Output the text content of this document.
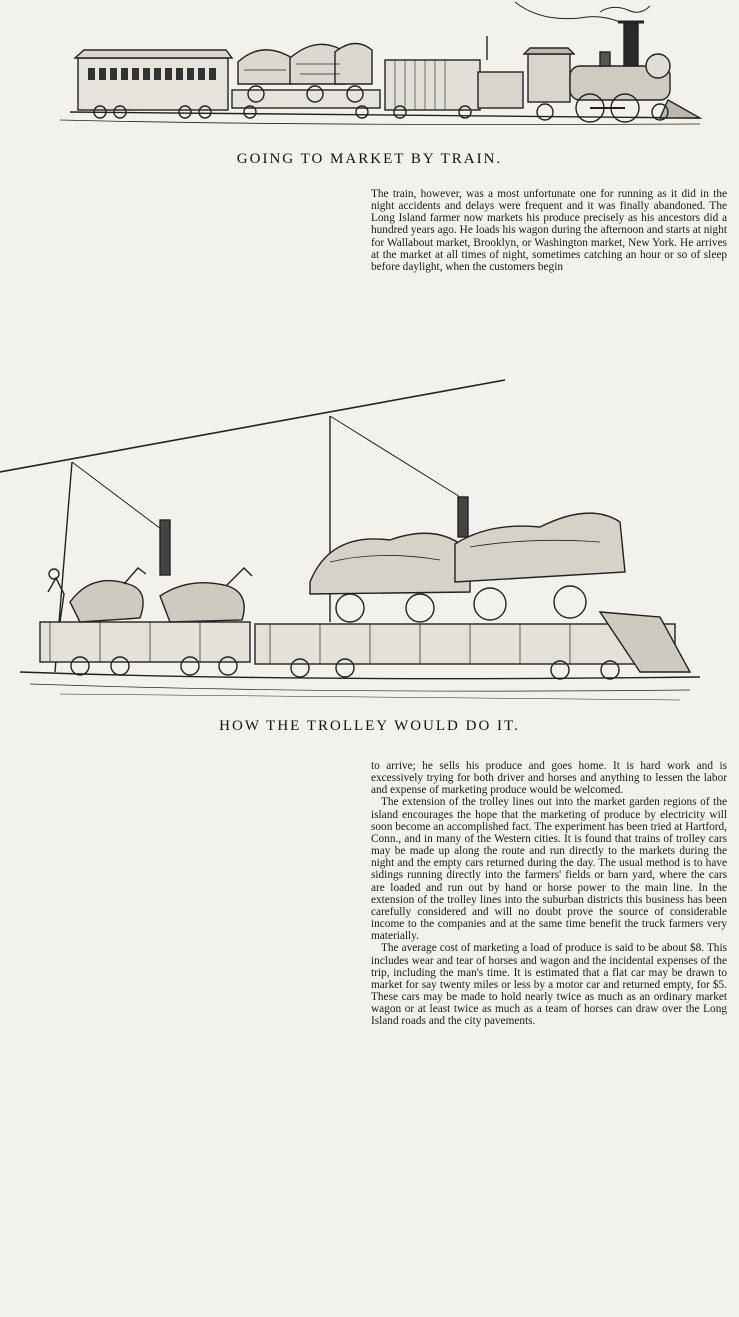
GOING TO MARKET BY TRAIN.

The train, however, was a most unfortunate one for running as it did in the night accidents and delays were frequent and it was finally abandoned. The Long Island farmer now markets his produce precisely as his ancestors did a hundred years ago. He loads his wagon during the afternoon and starts at night for Wallabout market, Brooklyn, or Washington market, New York. He arrives at the market at all times of night, sometimes catching an hour or so of sleep before daylight, when the customers begin

HOW THE TROLLEY WOULD DO IT.

to arrive; he sells his produce and goes home. It is hard work and is excessively trying for both driver and horses and anything to lessen the labor and expense of marketing produce would be welcomed.

The extension of the trolley lines out into the market garden regions of the island encourages the hope that the marketing of produce by electricity will soon become an accomplished fact. The experiment has been tried at Hartford, Conn., and in many of the Western cities. It is found that trains of trolley cars may be made up along the route and run directly to the markets during the night and the empty cars returned during the day. The usual method is to have sidings running directly into the farmers' fields or barn yard, where the cars are loaded and run out by hand or horse power to the main line. In the extension of the trolley lines into the suburban districts this business has been carefully considered and will no doubt prove the source of considerable income to the companies and at the same time benefit the truck farmers very materially.

The average cost of marketing a load of produce is said to be about $8. This includes wear and tear of horses and wagon and the incidental expenses of the trip, including the man's time. It is estimated that a flat car may be drawn to market for say twenty miles or less by a motor car and returned empty, for $5. These cars may be made to hold nearly twice as much as an ordinary market wagon or at least twice as much as a team of horses can draw over the Long Island roads and the city pavements.
